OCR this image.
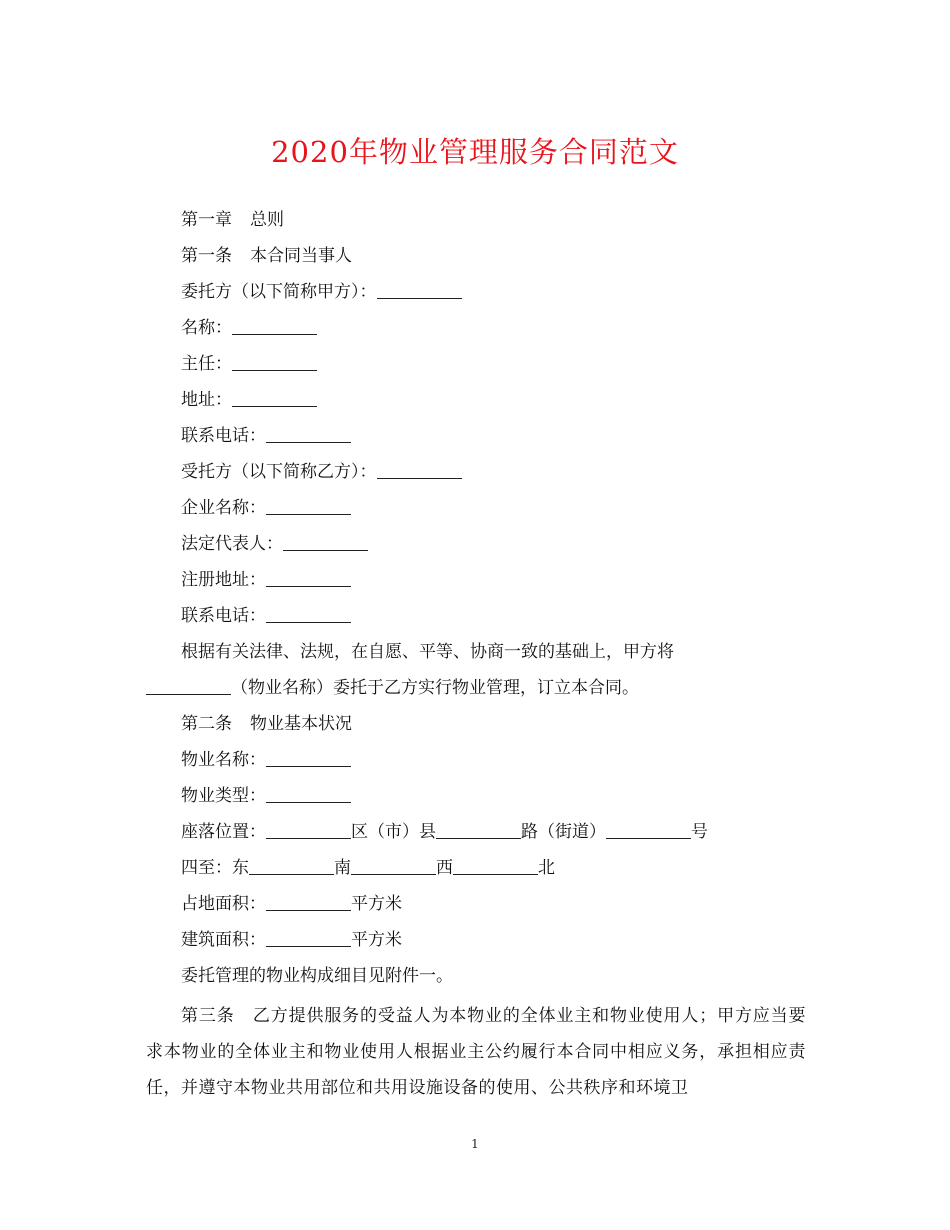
2020年物业管理服务合同范文
第一章 总则
第一条 本合同当事人
委托方（以下简称甲方）：
名称：
主任：
地址：
联系电话：
受托方（以下简称乙方）：
企业名称：
法定代表人：
注册地址：
联系电话：
根据有关法律、法规，在自愿、平等、协商一致的基础上，甲方将
（物业名称）委托于乙方实行物业管理，订立本合同。
第二条 物业基本状况
物业名称：
物业类型：
座落位置：	区（市）县	路（街道）	号
四至：东	南	西	北
占地面积：	平方米
建筑面积：	平方米
委托管理的物业构成细目见附件一。
第三条 乙方提供服务的受益人为本物业的全体业主和物业使用人；甲方应当要求本物业的全体业主和物业使用人根据业主公约履行本合同中相应义务，承担相应责任，并遵守本物业共用部位和共用设施设备的使用、公共秩序和环境卫
1
